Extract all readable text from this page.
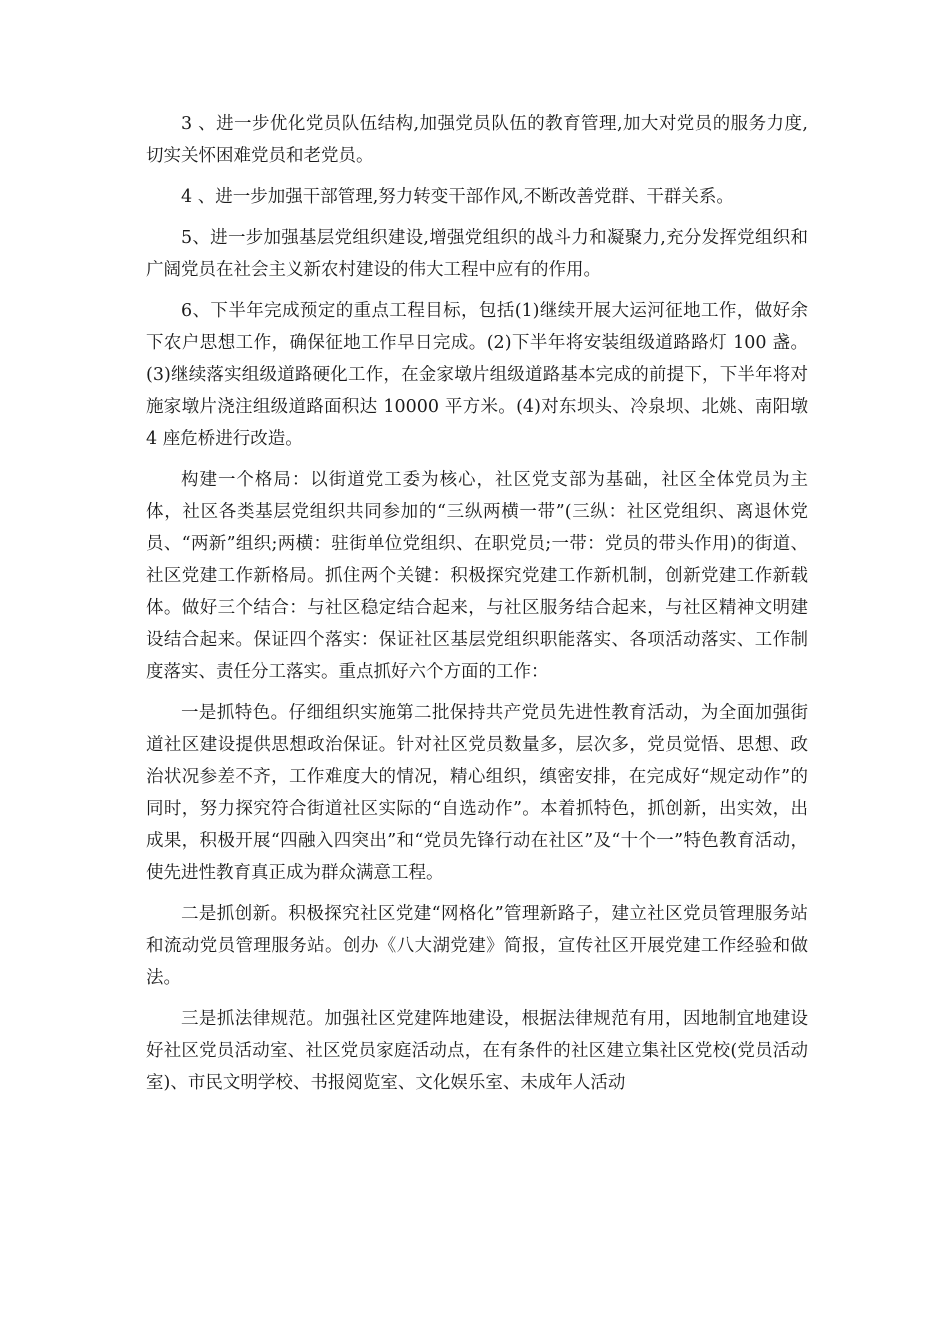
3 、进一步优化党员队伍结构,加强党员队伍的教育管理,加大对党员的服务力度,切实关怀困难党员和老党员。

4 、进一步加强干部管理,努力转变干部作风,不断改善党群、干群关系。

5、进一步加强基层党组织建设,增强党组织的战斗力和凝聚力,充分发挥党组织和广阔党员在社会主义新农村建设的伟大工程中应有的作用。

6、下半年完成预定的重点工程目标，包括(1)继续开展大运河征地工作，做好余下农户思想工作，确保征地工作早日完成。(2)下半年将安装组级道路路灯 100 盏。(3)继续落实组级道路硬化工作，在金家墩片组级道路基本完成的前提下，下半年将对施家墩片浇注组级道路面积达 10000 平方米。(4)对东坝头、冷泉坝、北姚、南阳墩 4 座危桥进行改造。

构建一个格局：以街道党工委为核心，社区党支部为基础，社区全体党员为主体，社区各类基层党组织共同参加的“三纵两横一带”(三纵：社区党组织、离退休党员、“两新”组织;两横：驻街单位党组织、在职党员;一带：党员的带头作用)的街道、社区党建工作新格局。抓住两个关键：积极探究党建工作新机制，创新党建工作新载体。做好三个结合：与社区稳定结合起来，与社区服务结合起来，与社区精神文明建设结合起来。保证四个落实：保证社区基层党组织职能落实、各项活动落实、工作制度落实、责任分工落实。重点抓好六个方面的工作：

一是抓特色。仔细组织实施第二批保持共产党员先进性教育活动，为全面加强街道社区建设提供思想政治保证。针对社区党员数量多，层次多，党员觉悟、思想、政治状况参差不齐，工作难度大的情况，精心组织，缜密安排，在完成好“规定动作”的同时，努力探究符合街道社区实际的“自选动作”。本着抓特色，抓创新，出实效，出成果，积极开展“四融入四突出”和“党员先锋行动在社区”及“十个一”特色教育活动，使先进性教育真正成为群众满意工程。

二是抓创新。积极探究社区党建“网格化”管理新路子，建立社区党员管理服务站和流动党员管理服务站。创办《八大湖党建》简报，宣传社区开展党建工作经验和做法。

三是抓法律规范。加强社区党建阵地建设，根据法律规范有用，因地制宜地建设好社区党员活动室、社区党员家庭活动点，在有条件的社区建立集社区党校(党员活动室)、市民文明学校、书报阅览室、文化娱乐室、未成年人活动
